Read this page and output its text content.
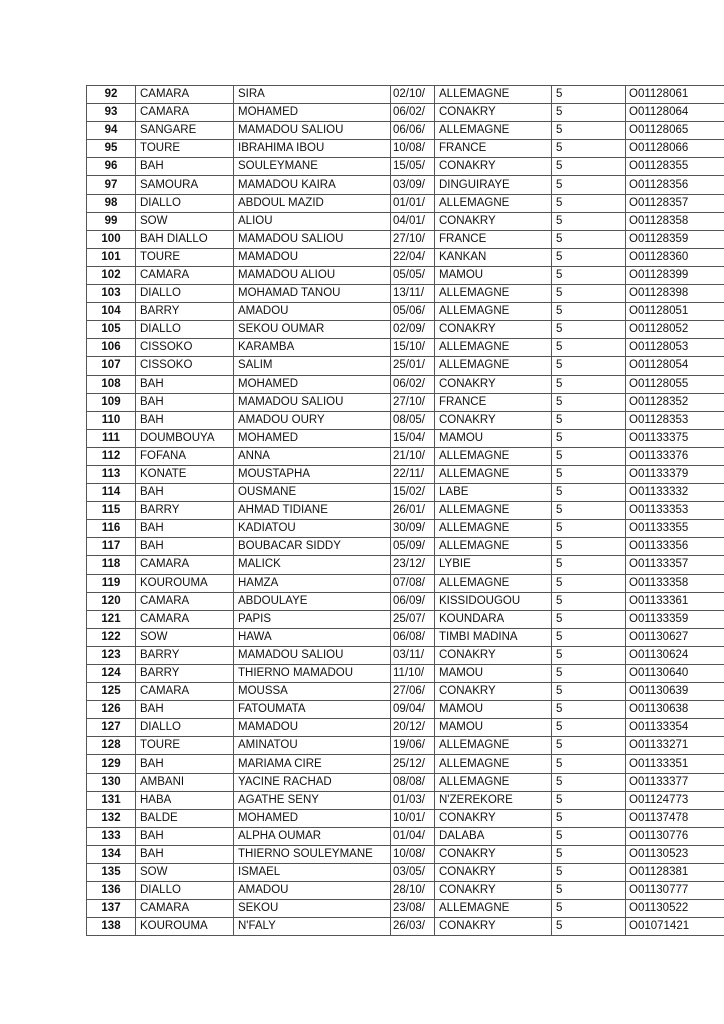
92	CAMARA	SIRA	02/10/	ALLEMAGNE	5	O01128061
93	CAMARA	MOHAMED	06/02/	CONAKRY	5	O01128064
94	SANGARE	MAMADOU SALIOU	06/06/	ALLEMAGNE	5	O01128065
95	TOURE	IBRAHIMA IBOU	10/08/	FRANCE	5	O01128066
96	BAH	SOULEYMANE	15/05/	CONAKRY	5	O01128355
97	SAMOURA	MAMADOU KAIRA	03/09/	DINGUIRAYE	5	O01128356
98	DIALLO	ABDOUL MAZID	01/01/	ALLEMAGNE	5	O01128357
99	SOW	ALIOU	04/01/	CONAKRY	5	O01128358
100	BAH DIALLO	MAMADOU SALIOU	27/10/	FRANCE	5	O01128359
101	TOURE	MAMADOU	22/04/	KANKAN	5	O01128360
102	CAMARA	MAMADOU ALIOU	05/05/	MAMOU	5	O01128399
103	DIALLO	MOHAMAD TANOU	13/11/	ALLEMAGNE	5	O01128398
104	BARRY	AMADOU	05/06/	ALLEMAGNE	5	O01128051
105	DIALLO	SEKOU OUMAR	02/09/	CONAKRY	5	O01128052
106	CISSOKO	KARAMBA	15/10/	ALLEMAGNE	5	O01128053
107	CISSOKO	SALIM	25/01/	ALLEMAGNE	5	O01128054
108	BAH	MOHAMED	06/02/	CONAKRY	5	O01128055
109	BAH	MAMADOU SALIOU	27/10/	FRANCE	5	O01128352
110	BAH	AMADOU OURY	08/05/	CONAKRY	5	O01128353
111	DOUMBOUYA	MOHAMED	15/04/	MAMOU	5	O01133375
112	FOFANA	ANNA	21/10/	ALLEMAGNE	5	O01133376
113	KONATE	MOUSTAPHA	22/11/	ALLEMAGNE	5	O01133379
114	BAH	OUSMANE	15/02/	LABE	5	O01133332
115	BARRY	AHMAD TIDIANE	26/01/	ALLEMAGNE	5	O01133353
116	BAH	KADIATOU	30/09/	ALLEMAGNE	5	O01133355
117	BAH	BOUBACAR SIDDY	05/09/	ALLEMAGNE	5	O01133356
118	CAMARA	MALICK	23/12/	LYBIE	5	O01133357
119	KOUROUMA	HAMZA	07/08/	ALLEMAGNE	5	O01133358
120	CAMARA	ABDOULAYE	06/09/	KISSIDOUGOU	5	O01133361
121	CAMARA	PAPIS	25/07/	KOUNDARA	5	O01133359
122	SOW	HAWA	06/08/	TIMBI MADINA	5	O01130627
123	BARRY	MAMADOU SALIOU	03/11/	CONAKRY	5	O01130624
124	BARRY	THIERNO MAMADOU	11/10/	MAMOU	5	O01130640
125	CAMARA	MOUSSA	27/06/	CONAKRY	5	O01130639
126	BAH	FATOUMATA	09/04/	MAMOU	5	O01130638
127	DIALLO	MAMADOU	20/12/	MAMOU	5	O01133354
128	TOURE	AMINATOU	19/06/	ALLEMAGNE	5	O01133271
129	BAH	MARIAMA CIRE	25/12/	ALLEMAGNE	5	O01133351
130	AMBANI	YACINE RACHAD	08/08/	ALLEMAGNE	5	O01133377
131	HABA	AGATHE SENY	01/03/	N'ZEREKORE	5	O01124773
132	BALDE	MOHAMED	10/01/	CONAKRY	5	O01137478
133	BAH	ALPHA OUMAR	01/04/	DALABA	5	O01130776
134	BAH	THIERNO SOULEYMANE	10/08/	CONAKRY	5	O01130523
135	SOW	ISMAEL	03/05/	CONAKRY	5	O01128381
136	DIALLO	AMADOU	28/10/	CONAKRY	5	O01130777
137	CAMARA	SEKOU	23/08/	ALLEMAGNE	5	O01130522
138	KOUROUMA	N'FALY	26/03/	CONAKRY	5	O01071421
